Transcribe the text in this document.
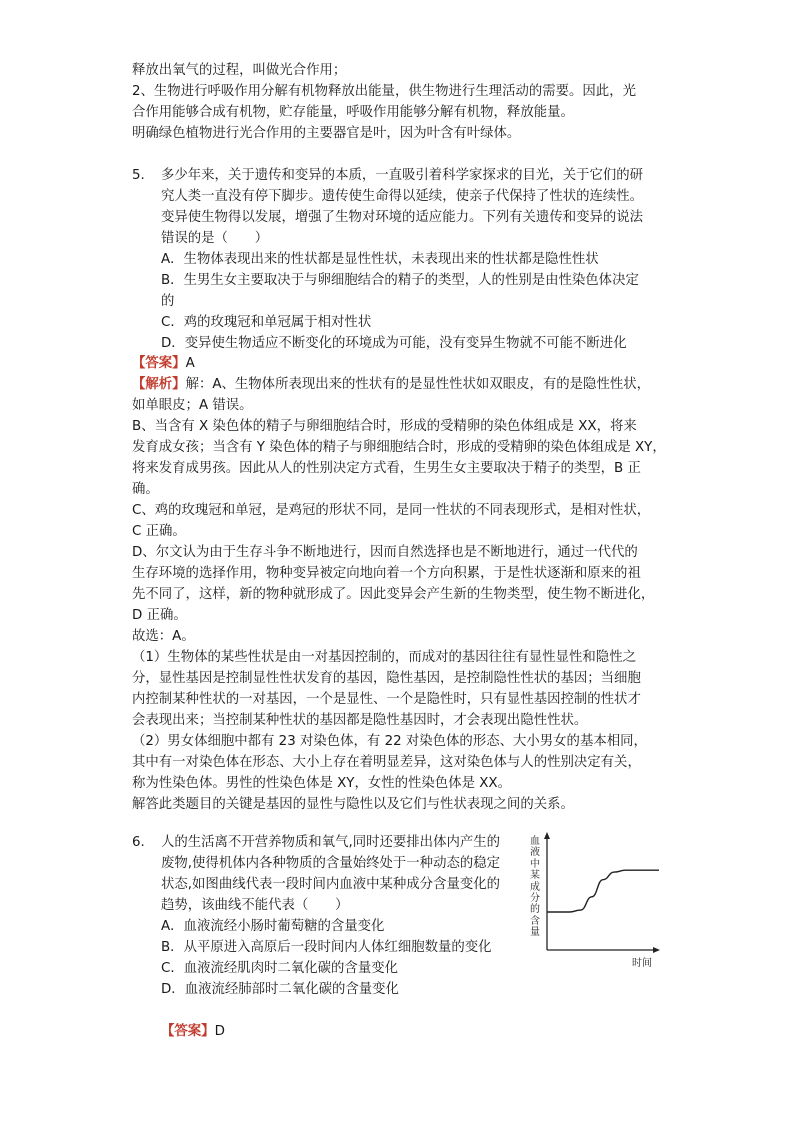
释放出氧气的过程，叫做光合作用；
2、生物进行呼吸作用分解有机物释放出能量，供生物进行生理活动的需要。因此，光
合作用能够合成有机物，贮存能量，呼吸作用能够分解有机物，释放能量。
明确绿色植物进行光合作用的主要器官是叶，因为叶含有叶绿体。
5. 多少年来，关于遗传和变异的本质，一直吸引着科学家探求的目光，关于它们的研
究人类一直没有停下脚步。遗传使生命得以延续，使亲子代保持了性状的连续性。
变异使生物得以发展，增强了生物对环境的适应能力。下列有关遗传和变异的说法
错误的是（　　）
A．生物体表现出来的性状都是显性性状，未表现出来的性状都是隐性性状
B．生男生女主要取决于与卵细胞结合的精子的类型，人的性别是由性染色体决定
的
C．鸡的玫瑰冠和单冠属于相对性状
D．变异使生物适应不断变化的环境成为可能，没有变异生物就不可能不断进化
【答案】A
【解析】解：A、生物体所表现出来的性状有的是显性性状如双眼皮，有的是隐性性状，
如单眼皮；A 错误。
B、当含有 X 染色体的精子与卵细胞结合时，形成的受精卵的染色体组成是 XX，将来
发育成女孩；当含有 Y 染色体的精子与卵细胞结合时，形成的受精卵的染色体组成是 XY，
将来发育成男孩。因此从人的性别决定方式看，生男生女主要取决于精子的类型，B 正
确。
C、鸡的玫瑰冠和单冠，是鸡冠的形状不同，是同一性状的不同表现形式，是相对性状，
C 正确。
D、尔文认为由于生存斗争不断地进行，因而自然选择也是不断地进行，通过一代代的
生存环境的选择作用，物种变异被定向地向着一个方向积累，于是性状逐渐和原来的祖
先不同了，这样，新的物种就形成了。因此变异会产生新的生物类型，使生物不断进化，
D 正确。
故选：A。
（1）生物体的某些性状是由一对基因控制的，而成对的基因往往有显性显性和隐性之
分，显性基因是控制显性性状发育的基因，隐性基因，是控制隐性性状的基因；当细胞
内控制某种性状的一对基因，一个是显性、一个是隐性时，只有显性基因控制的性状才
会表现出来；当控制某种性状的基因都是隐性基因时，才会表现出隐性性状。
（2）男女体细胞中都有 23 对染色体，有 22 对染色体的形态、大小男女的基本相同，
其中有一对染色体在形态、大小上存在着明显差异，这对染色体与人的性别决定有关，
称为性染色体。男性的性染色体是 XY，女性的性染色体是 XX。
解答此类题目的关键是基因的显性与隐性以及它们与性状表现之间的关系。
6. 人的生活离不开营养物质和氧气,同时还要排出体内产生的
废物,使得机体内各种物质的含量始终处于一种动态的稳定
状态,如图曲线代表一段时间内血液中某种成分含量变化的
趋势，该曲线不能代表（　　）
A．血液流经小肠时葡萄糖的含量变化
B．从平原进入高原后一段时间内人体红细胞数量的变化
C．血液流经肌肉时二氧化碳的含量变化
D．血液流经肺部时二氧化碳的含量变化
【答案】D
血液中某成分的含量
时间
